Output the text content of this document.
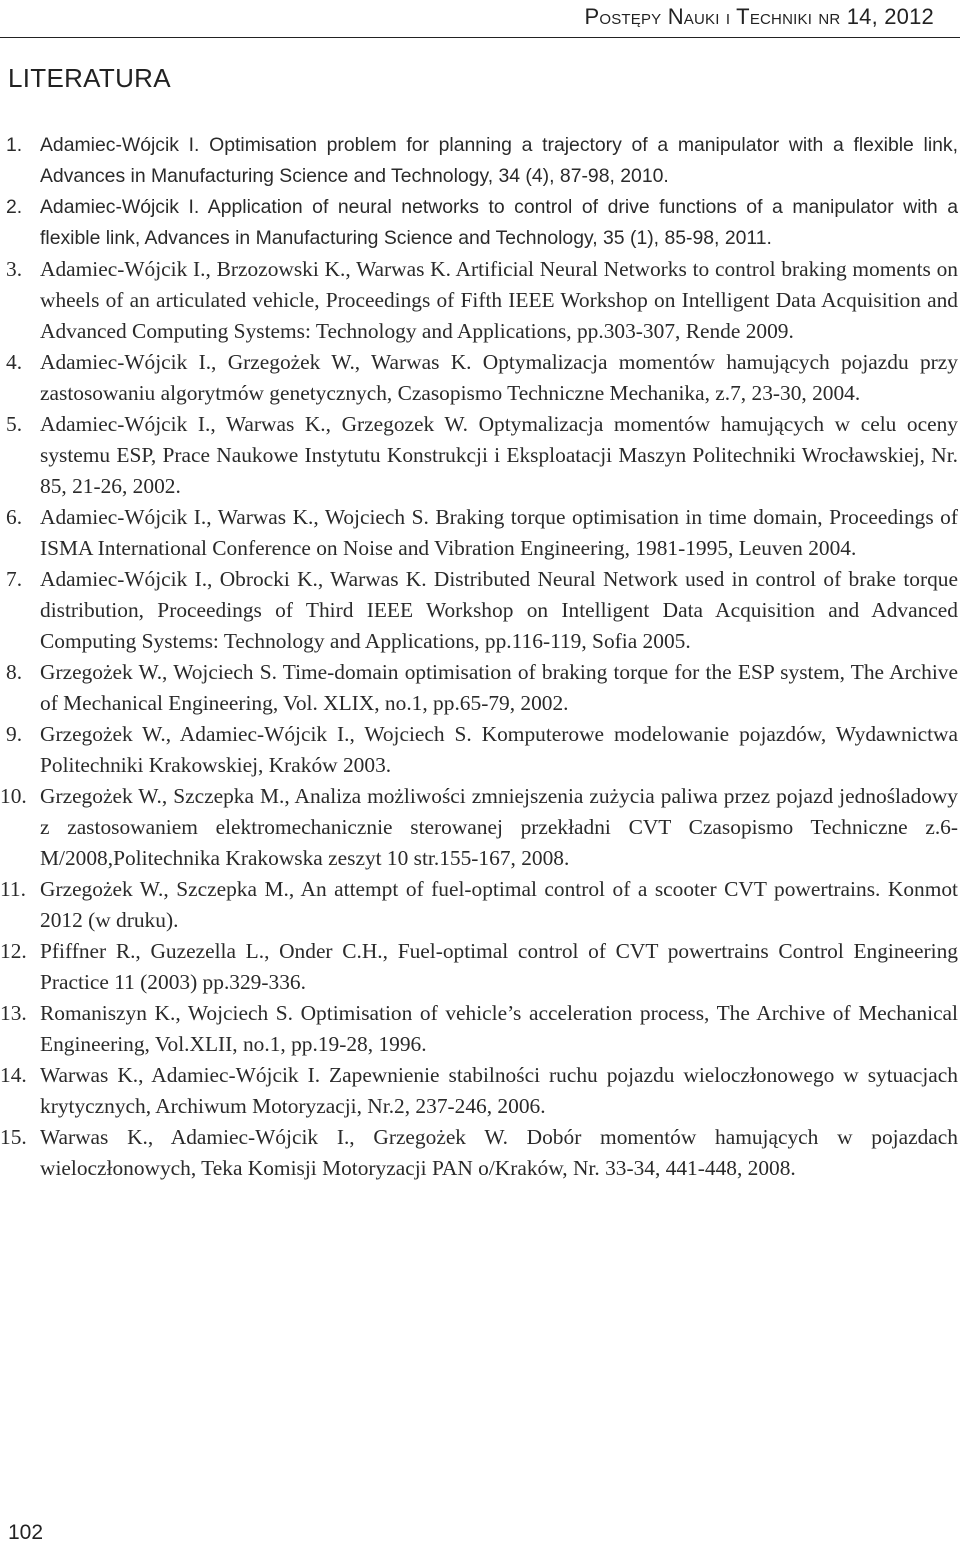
Postępy Nauki i Techniki nr 14, 2012
LITERATURA
1. Adamiec-Wójcik I. Optimisation problem for planning a trajectory of a manipulator with a flexible link, Advances in Manufacturing Science and Technology, 34 (4), 87-98, 2010.
2. Adamiec-Wójcik I. Application of neural networks to control of drive functions of a manipulator with a flexible link, Advances in Manufacturing Science and Technology, 35 (1), 85-98, 2011.
3. Adamiec-Wójcik I., Brzozowski K., Warwas K. Artificial Neural Networks to control braking moments on wheels of an articulated vehicle, Proceedings of Fifth IEEE Workshop on Intelligent Data Acquisition and Advanced Computing Systems: Technology and Applications, pp.303-307, Rende 2009.
4. Adamiec-Wójcik I., Grzegożek W., Warwas K. Optymalizacja momentów hamujących pojazdu przy zastosowaniu algorytmów genetycznych, Czasopismo Techniczne Mechanika, z.7, 23-30, 2004.
5. Adamiec-Wójcik I., Warwas K., Grzegozek W. Optymalizacja momentów hamujących w celu oceny systemu ESP, Prace Naukowe Instytutu Konstrukcji i Eksploatacji Maszyn Politechniki Wrocławskiej, Nr. 85, 21-26, 2002.
6. Adamiec-Wójcik I., Warwas K., Wojciech S. Braking torque optimisation in time domain, Proceedings of ISMA International Conference on Noise and Vibration Engineering, 1981-1995, Leuven 2004.
7. Adamiec-Wójcik I., Obrocki K., Warwas K. Distributed Neural Network used in control of brake torque distribution, Proceedings of Third IEEE Workshop on Intelligent Data Acquisition and Advanced Computing Systems: Technology and Applications, pp.116-119, Sofia 2005.
8. Grzegożek W., Wojciech S. Time-domain optimisation of braking torque for the ESP system, The Archive of Mechanical Engineering, Vol. XLIX, no.1, pp.65-79, 2002.
9. Grzegożek W., Adamiec-Wójcik I., Wojciech S. Komputerowe modelowanie pojazdów, Wydawnictwa Politechniki Krakowskiej, Kraków 2003.
10. Grzegożek W., Szczepka M., Analiza możliwości zmniejszenia zużycia paliwa przez pojazd jednośladowy z zastosowaniem elektromechanicznie sterowanej przekładni CVT Czasopismo Techniczne z.6-M/2008,Politechnika Krakowska zeszyt 10 str.155-167, 2008.
11. Grzegożek W., Szczepka M., An attempt of fuel-optimal control of a scooter CVT powertrains. Konmot 2012 (w druku).
12. Pfiffner R., Guzezella L., Onder C.H., Fuel-optimal control of CVT powertrains Control Engineering Practice 11 (2003) pp.329-336.
13. Romaniszyn K., Wojciech S. Optimisation of vehicle’s acceleration process, The Archive of Mechanical Engineering, Vol.XLII, no.1, pp.19-28, 1996.
14. Warwas K., Adamiec-Wójcik I. Zapewnienie stabilności ruchu pojazdu wieloczłonowego w sytuacjach krytycznych, Archiwum Motoryzacji, Nr.2, 237-246, 2006.
15. Warwas K., Adamiec-Wójcik I., Grzegożek W. Dobór momentów hamujących w pojazdach wieloczłonowych, Teka Komisji Motoryzacji PAN o/Kraków, Nr. 33-34, 441-448, 2008.
102
